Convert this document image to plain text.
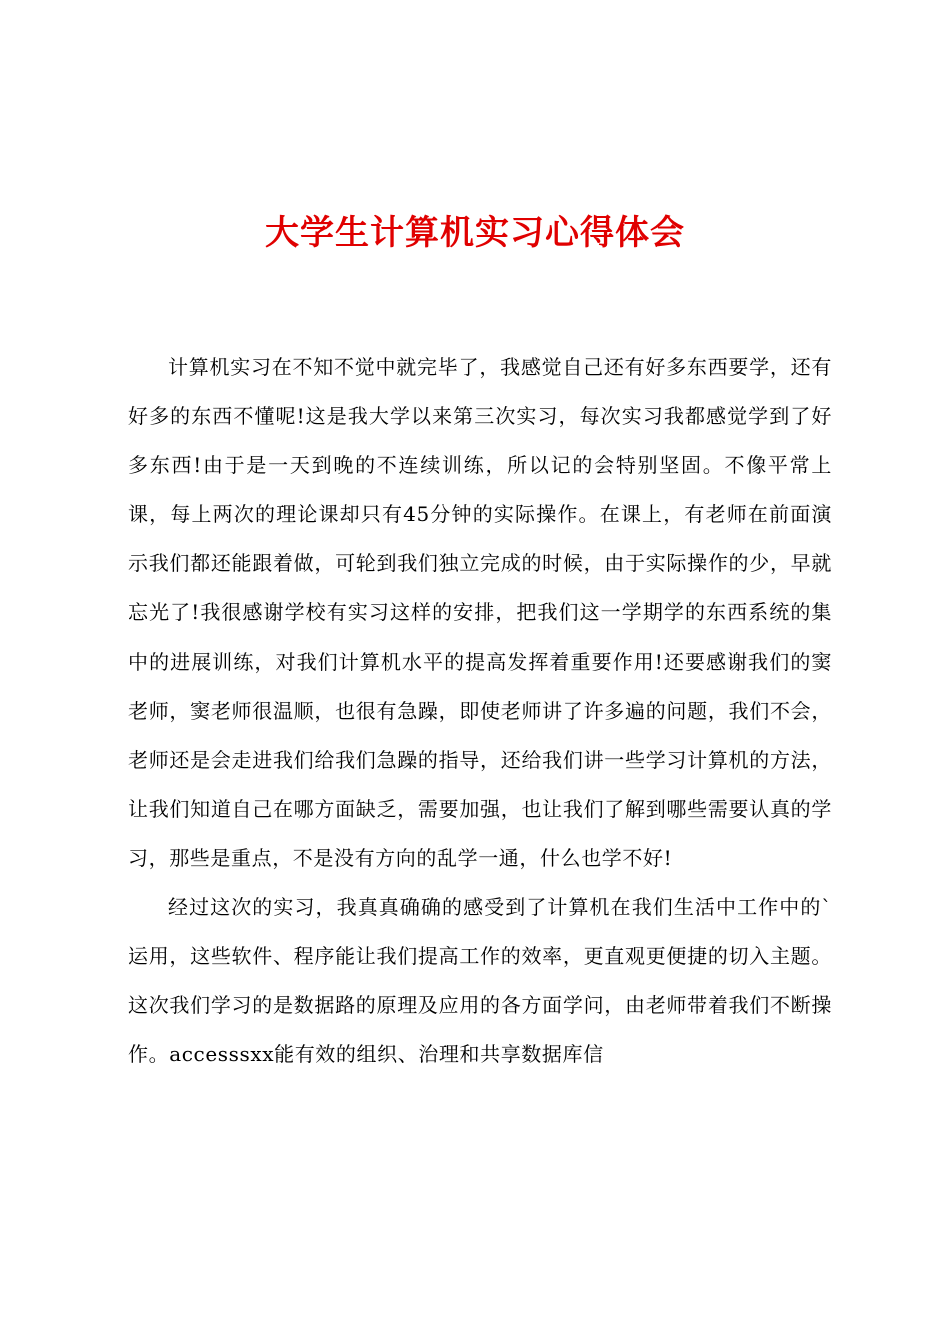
大学生计算机实习心得体会

计算机实习在不知不觉中就完毕了，我感觉自己还有好多东西要学，还有好多的东西不懂呢!这是我大学以来第三次实习，每次实习我都感觉学到了好多东西!由于是一天到晚的不连续训练，所以记的会特别坚固。不像平常上课，每上两次的理论课却只有45分钟的实际操作。在课上，有老师在前面演示我们都还能跟着做，可轮到我们独立完成的时候，由于实际操作的少，早就忘光了!我很感谢学校有实习这样的安排，把我们这一学期学的东西系统的集中的进展训练，对我们计算机水平的提高发挥着重要作用!还要感谢我们的窦老师，窦老师很温顺，也很有急躁，即使老师讲了许多遍的问题，我们不会，老师还是会走进我们给我们急躁的指导，还给我们讲一些学习计算机的方法，让我们知道自己在哪方面缺乏，需要加强，也让我们了解到哪些需要认真的学习，那些是重点，不是没有方向的乱学一通，什么也学不好!

经过这次的实习，我真真确确的感受到了计算机在我们生活中工作中的`运用，这些软件、程序能让我们提高工作的效率，更直观更便捷的切入主题。这次我们学习的是数据路的原理及应用的各方面学问，由老师带着我们不断操作。accesssxx能有效的组织、治理和共享数据库信
